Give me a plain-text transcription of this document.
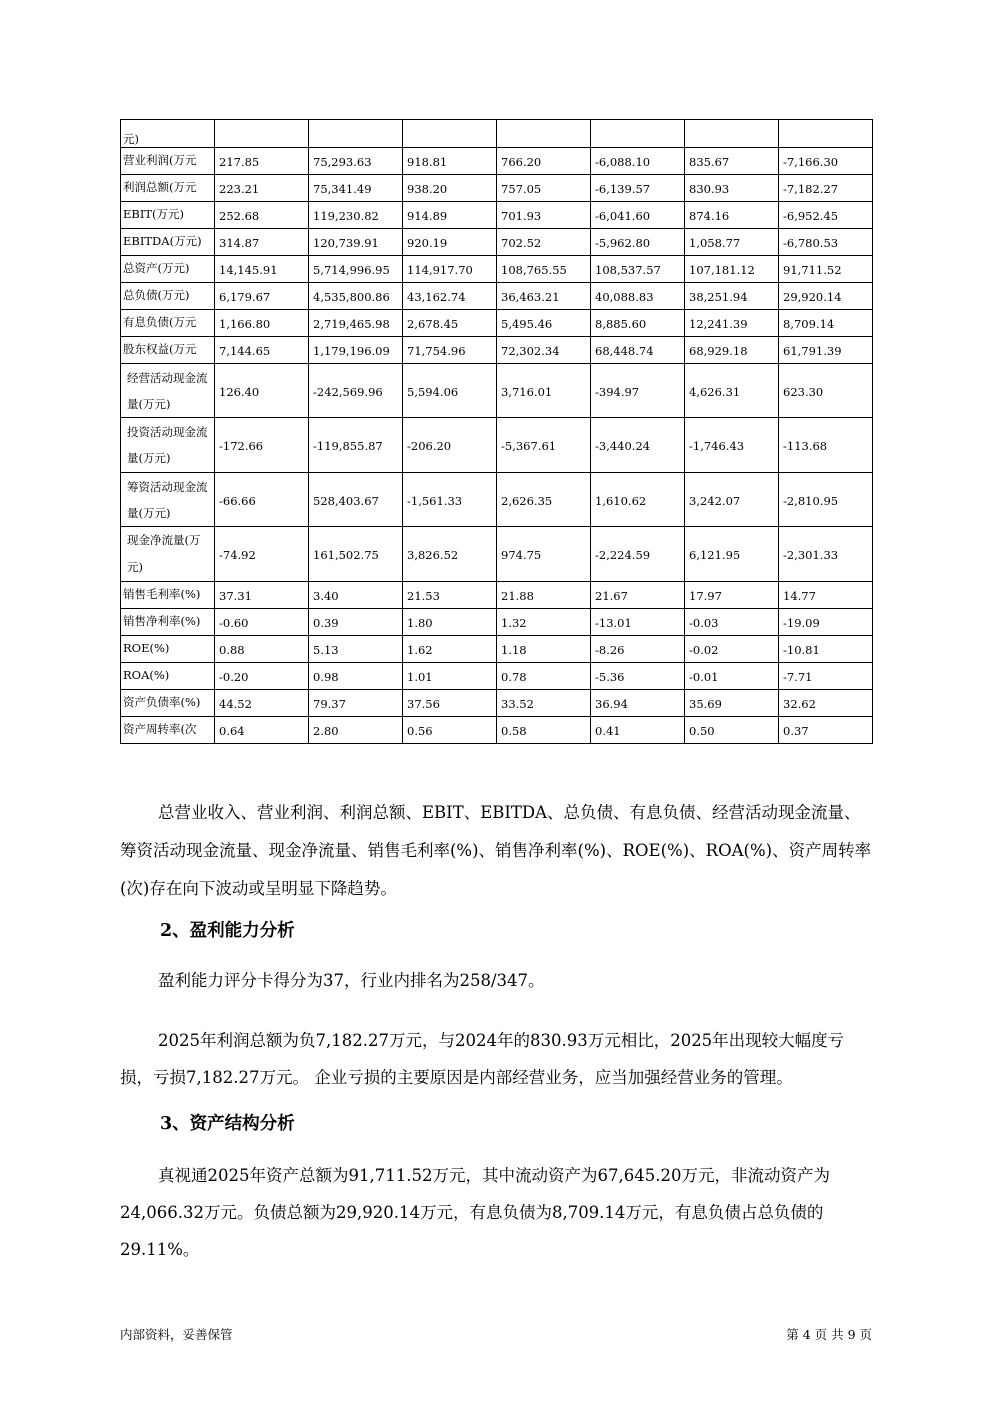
元)							
营业利润(万元	217.85	75,293.63	918.81	766.20	-6,088.10	835.67	-7,166.30
利润总额(万元	223.21	75,341.49	938.20	757.05	-6,139.57	830.93	-7,182.27
EBIT(万元)	252.68	119,230.82	914.89	701.93	-6,041.60	874.16	-6,952.45
EBITDA(万元)	314.87	120,739.91	920.19	702.52	-5,962.80	1,058.77	-6,780.53
总资产(万元)	14,145.91	5,714,996.95	114,917.70	108,765.55	108,537.57	107,181.12	91,711.52
总负债(万元)	6,179.67	4,535,800.86	43,162.74	36,463.21	40,088.83	38,251.94	29,920.14
有息负债(万元	1,166.80	2,719,465.98	2,678.45	5,495.46	8,885.60	12,241.39	8,709.14
股东权益(万元	7,144.65	1,179,196.09	71,754.96	72,302.34	68,448.74	68,929.18	61,791.39
经营活动现金流量(万元)	126.40	-242,569.96	5,594.06	3,716.01	-394.97	4,626.31	623.30
投资活动现金流量(万元)	-172.66	-119,855.87	-206.20	-5,367.61	-3,440.24	-1,746.43	-113.68
筹资活动现金流量(万元)	-66.66	528,403.67	-1,561.33	2,626.35	1,610.62	3,242.07	-2,810.95
现金净流量(万元)	-74.92	161,502.75	3,826.52	974.75	-2,224.59	6,121.95	-2,301.33
销售毛利率(%)	37.31	3.40	21.53	21.88	21.67	17.97	14.77
销售净利率(%)	-0.60	0.39	1.80	1.32	-13.01	-0.03	-19.09
ROE(%)	0.88	5.13	1.62	1.18	-8.26	-0.02	-10.81
ROA(%)	-0.20	0.98	1.01	0.78	-5.36	-0.01	-7.71
资产负债率(%)	44.52	79.37	37.56	33.52	36.94	35.69	32.62
资产周转率(次	0.64	2.80	0.56	0.58	0.41	0.50	0.37
总营业收入、营业利润、利润总额、EBIT、EBITDA、总负债、有息负债、经营活动现金流量、筹资活动现金流量、现金净流量、销售毛利率(%)、销售净利率(%)、ROE(%)、ROA(%)、资产周转率(次)存在向下波动或呈明显下降趋势。
2、盈利能力分析
盈利能力评分卡得分为37，行业内排名为258/347。
2025年利润总额为负7,182.27万元，与2024年的830.93万元相比，2025年出现较大幅度亏损，亏损7,182.27万元。 企业亏损的主要原因是内部经营业务，应当加强经营业务的管理。
3、资产结构分析
真视通2025年资产总额为91,711.52万元，其中流动资产为67,645.20万元，非流动资产为24,066.32万元。负债总额为29,920.14万元，有息负债为8,709.14万元，有息负债占总负债的29.11%。
内部资料，妥善保管	第 4 页 共 9 页
